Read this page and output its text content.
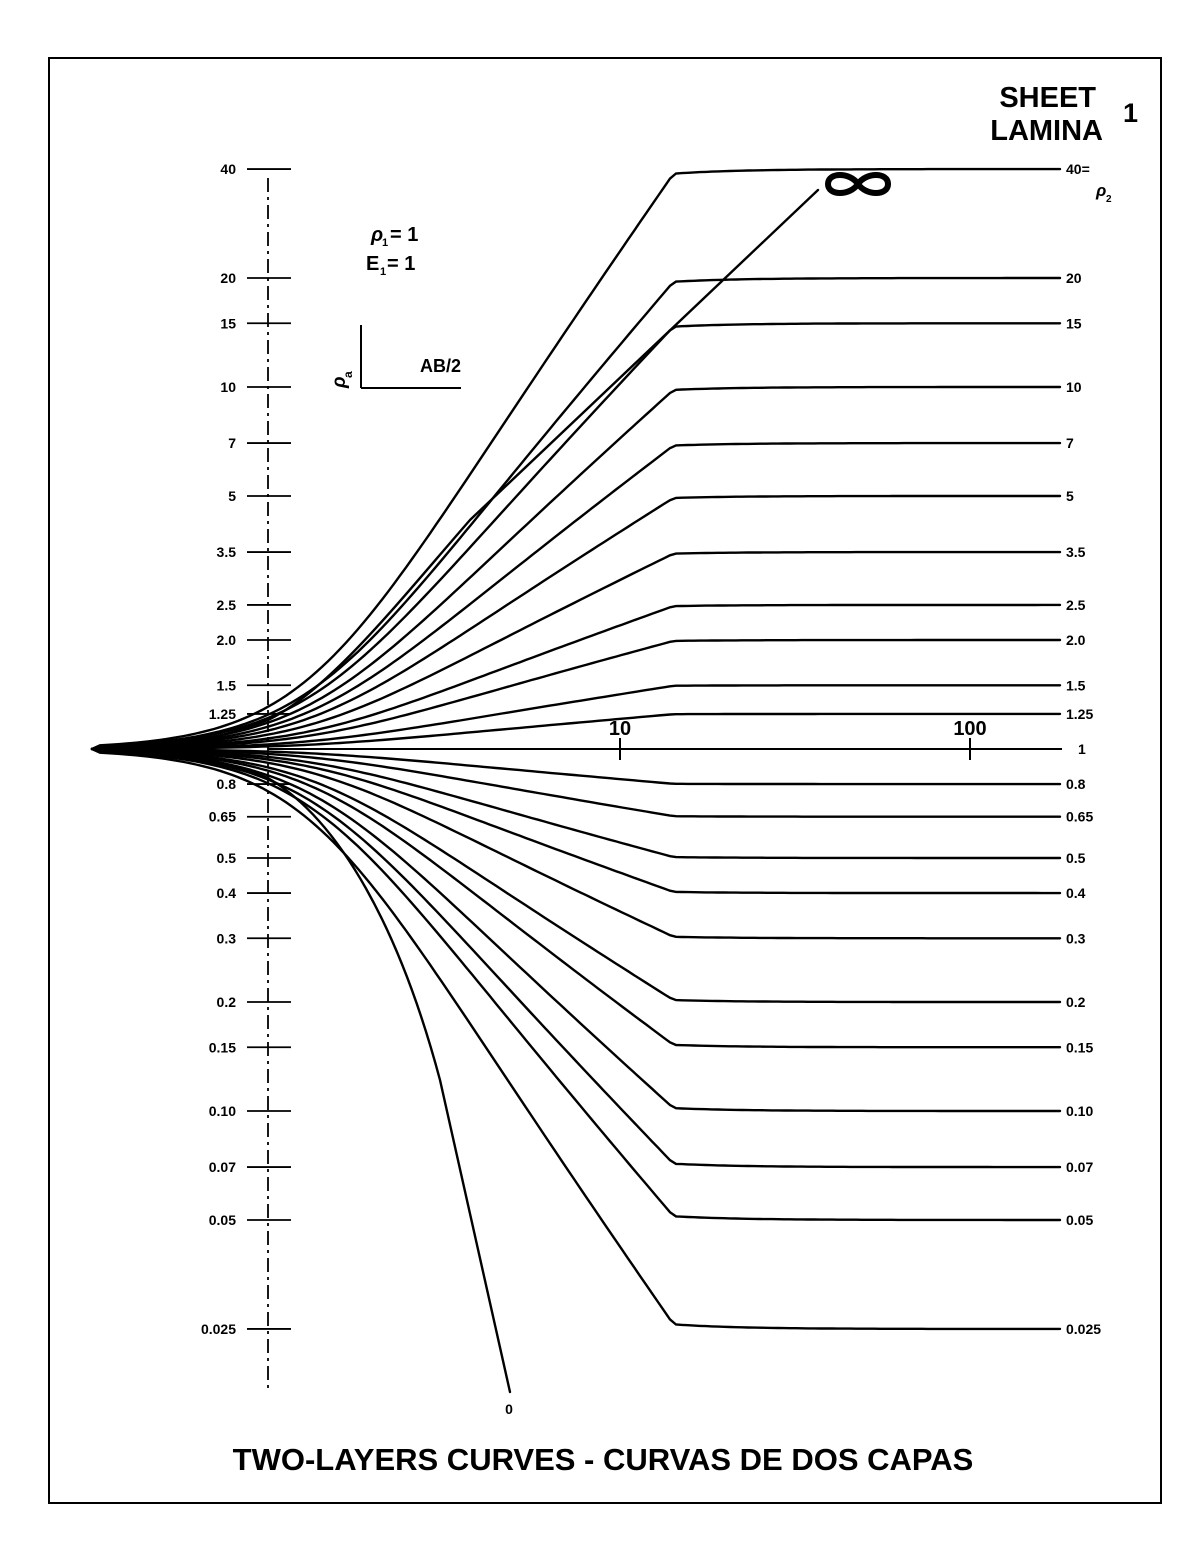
SHEET
LAMINA
1
ρ
1 = 1
E 1 = 1
AB/2
ρ
a
40
20
15
10
7
5
3.5
2.5
2.0
1.5
1.25
0.8
0.65
0.5
0.4
0.3
0.2
0.15
0.10
0.07
0.05
0.025
10	100
40=
20
15
10
7
5
3.5
2.5
2.0
1.5
1.25
1
0.8
0.65
0.5
0.4
0.3
0.2
0.15
0.10
0.07
0.05
0.025
0
ρ 2
TWO-LAYERS CURVES - CURVAS DE DOS CAPAS
